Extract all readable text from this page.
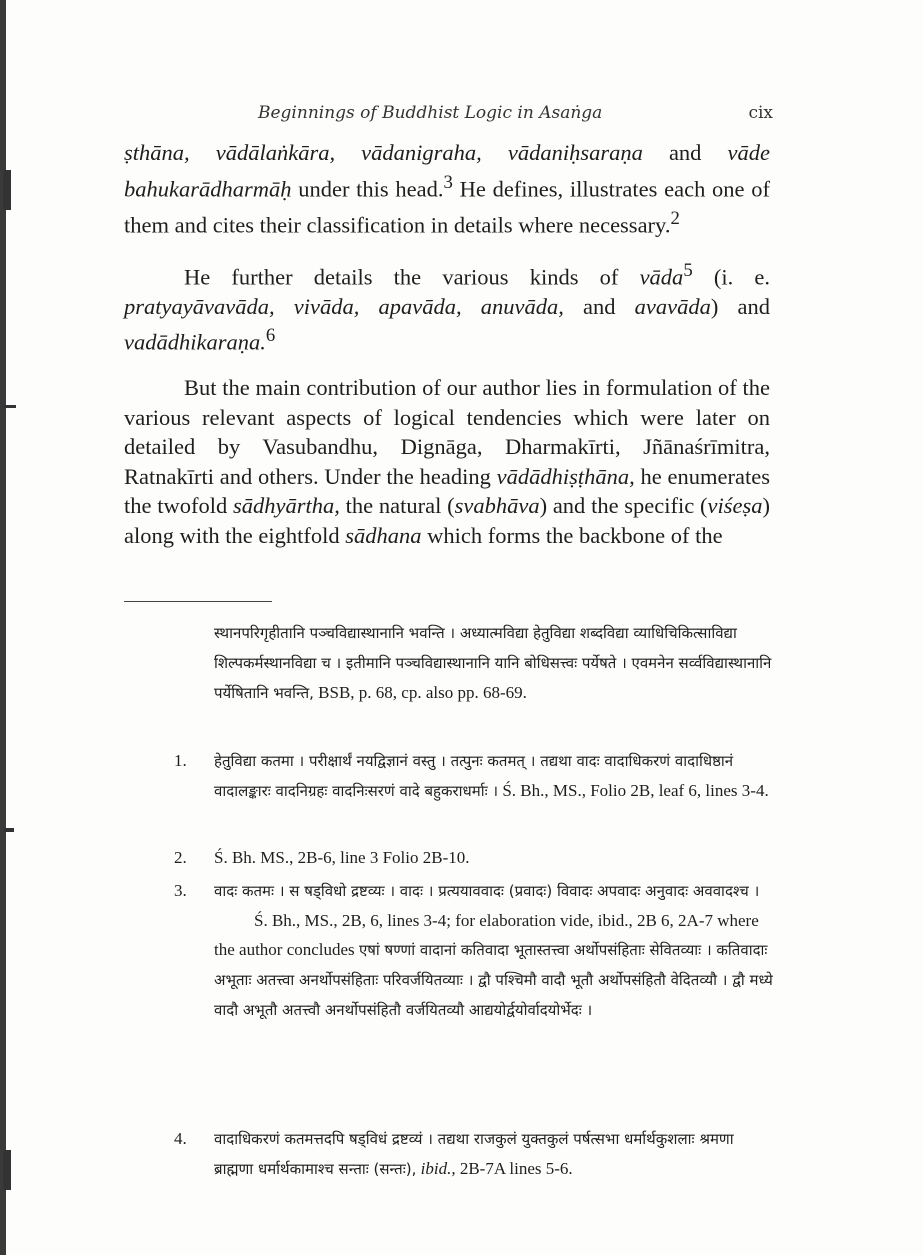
Beginnings of Buddhist Logic in Asaṅga	cix

ṣthāna, vādālaṅkāra, vādanigraha, vādaniḥsaraṇa and vāde bahukarādharmāḥ under this head.$^3$ He defines, illustrates each one of them and cites their classification in details where necessary.$^2$

He further details the various kinds of vāda$^5$ (i. e. pratyayāvavāda, vivāda, apavāda, anuvāda, and avavāda) and vadādhikaraṇa.$^6$

But the main contribution of our author lies in formulation of the various relevant aspects of logical tendencies which were later on detailed by Vasubandhu, Dignāga, Dharmakīrti, Jñānaśrīmitra, Ratnakīrti and others. Under the heading vādādhiṣṭhāna, he enumerates the twofold sādhyārtha, the natural (svabhāva) and the specific (viśeṣa) along with the eightfold sādhana which forms the backbone of the

स्थानपरिगृहीतानि पञ्चविद्यास्थानानि भवन्ति । अध्यात्मविद्या हेतुविद्या शब्दविद्या व्याधिचिकित्साविद्या शिल्पकर्मस्थानविद्या च । इतीमानि पञ्चविद्यास्थानानि यानि बोधिसत्त्वः पर्येषते । एवमनेन सर्व्वविद्यास्थानानि पर्येषितानि भवन्ति, BSB, p. 68, cp. also pp. 68-69.
1. हेतुविद्या कतमा । परीक्षार्थं नयद्विज्ञानं वस्तु । तत्पुनः कतमत् । तद्यथा वादः वादाधिकरणं वादाधिष्ठानं वादालङ्कारः वादनिग्रहः वादनिःसरणं वादे बहुकराधर्माः । Ś. Bh., MS., Folio 2B, leaf 6, lines 3-4.
2. Ś. Bh. MS., 2B-6, line 3 Folio 2B-10.
3. वादः कतमः । स षड्विधो द्रष्टव्यः । वादः । प्रत्ययाववादः (प्रवादः) विवादः अपवादः अनुवादः अववादश्च ।
Ś. Bh., MS., 2B, 6, lines 3-4; for elaboration vide, ibid., 2B 6, 2A-7 where the author concludes एषां षण्णां वादानां कतिवादा भूतास्तत्त्वा अर्थोपसंहिताः सेवितव्याः । कतिवादाः अभूताः अतत्त्वा अनर्थोपसंहिताः परिवर्जयितव्याः । द्वौ पश्चिमौ वादौ भूतौ अर्थोपसंहितौ वेदितव्यौ । द्वौ मध्ये वादौ अभूतौ अतत्त्वौ अनर्थोपसंहितौ वर्जयितव्यौ आद्ययोर्द्वयोर्वादयोर्भेदः ।
4. वादाधिकरणं कतमत्तदपि षड्विधं द्रष्टव्यं । तद्यथा राजकुलं युक्तकुलं पर्षत्सभा धर्मार्थकुशलाः श्रमणा ब्राह्मणा धर्मार्थकामाश्च सन्ताः (सन्तः), ibid., 2B-7A lines 5-6.
